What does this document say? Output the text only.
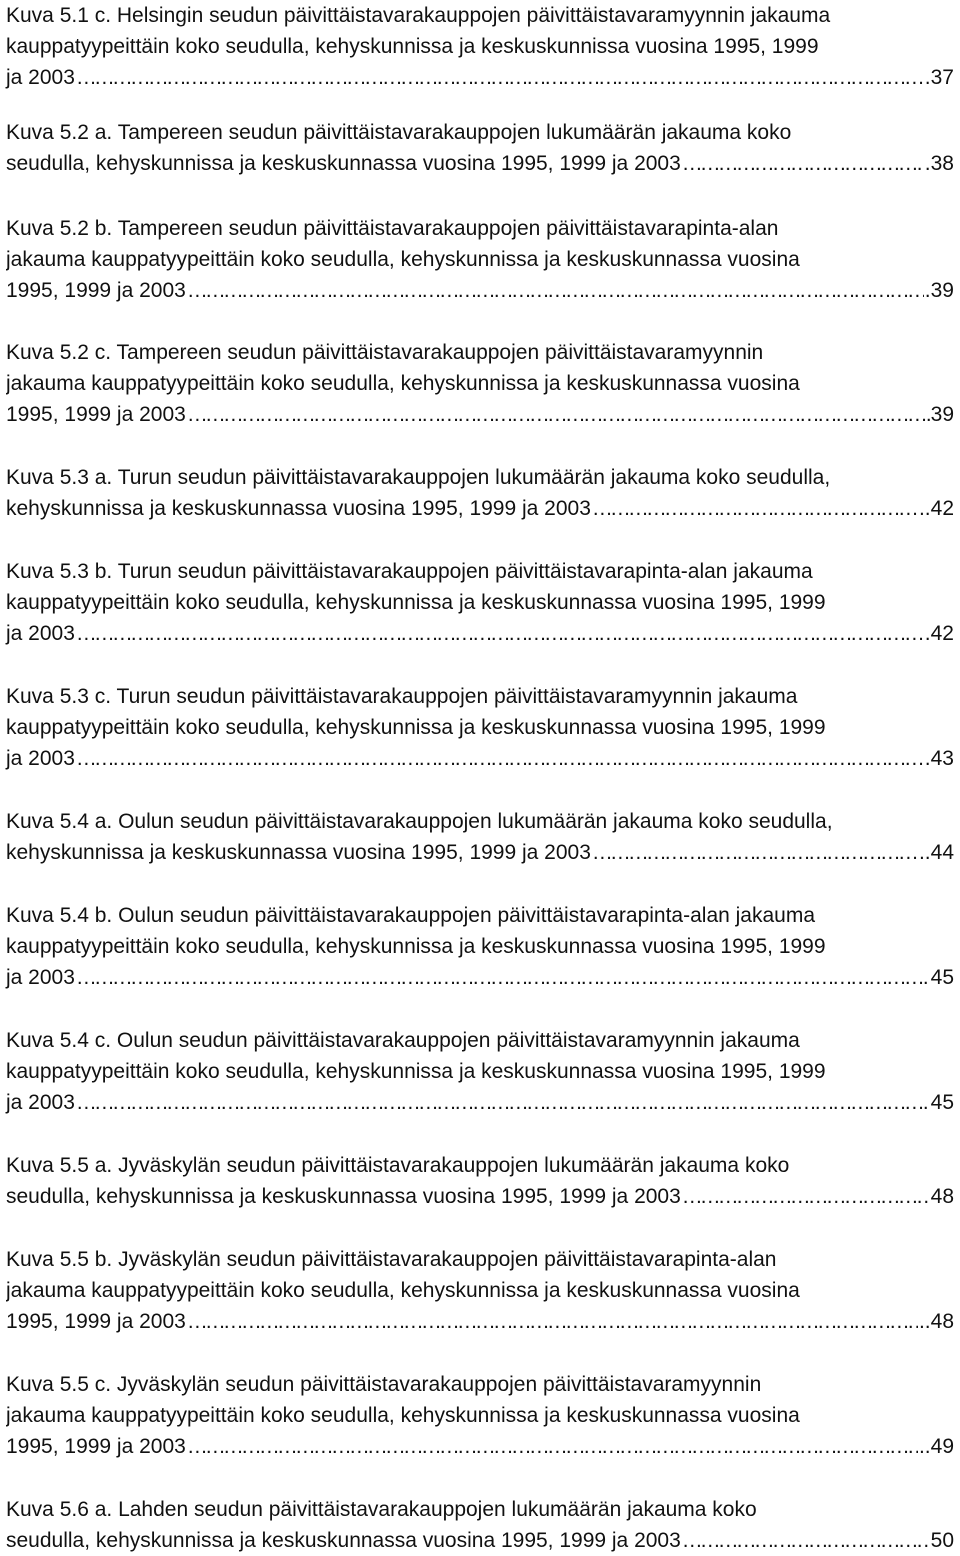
Kuva 5.1 c. Helsingin seudun päivittäistavarakauppojen päivittäistavaramyynnin jakauma
kauppatyypeittäin koko seudulla, kehyskunnissa ja keskuskunnissa vuosina 1995, 1999
ja 2003 ……………………………………………………………………………………………………………………………………………………………………………………………………	.37
Kuva 5.2 a. Tampereen seudun päivittäistavarakauppojen lukumäärän jakauma koko
seudulla, kehyskunnissa ja keskuskunnassa vuosina 1995, 1999 ja 2003 ……………………………………………………………………………………………………………………………………………………………………………………………………	.38
Kuva 5.2 b. Tampereen seudun päivittäistavarakauppojen päivittäistavarapinta-alan
jakauma kauppatyypeittäin koko seudulla, kehyskunnissa ja keskuskunnassa vuosina
1995, 1999 ja 2003 ……………………………………………………………………………………………………………………………………………………………………………………………………	.39
Kuva 5.2 c. Tampereen seudun päivittäistavarakauppojen päivittäistavaramyynnin
jakauma kauppatyypeittäin koko seudulla, kehyskunnissa ja keskuskunnassa vuosina
1995, 1999 ja 2003 ……………………………………………………………………………………………………………………………………………………………………………………………………	39
Kuva 5.3 a. Turun seudun päivittäistavarakauppojen lukumäärän jakauma koko seudulla,
kehyskunnissa ja keskuskunnassa vuosina 1995, 1999 ja 2003 ……………………………………………………………………………………………………………………………………………………………………………………………………	..42
Kuva 5.3 b. Turun seudun päivittäistavarakauppojen päivittäistavarapinta-alan jakauma
kauppatyypeittäin koko seudulla, kehyskunnissa ja keskuskunnassa vuosina 1995, 1999
ja 2003 ……………………………………………………………………………………………………………………………………………………………………………………………………	.42
Kuva 5.3 c. Turun seudun päivittäistavarakauppojen päivittäistavaramyynnin jakauma
kauppatyypeittäin koko seudulla, kehyskunnissa ja keskuskunnassa vuosina 1995, 1999
ja 2003 ……………………………………………………………………………………………………………………………………………………………………………………………………	.43
Kuva 5.4 a. Oulun seudun päivittäistavarakauppojen lukumäärän jakauma koko seudulla,
kehyskunnissa ja keskuskunnassa vuosina 1995, 1999 ja 2003 ……………………………………………………………………………………………………………………………………………………………………………………………………	..44
Kuva 5.4 b. Oulun seudun päivittäistavarakauppojen päivittäistavarapinta-alan jakauma
kauppatyypeittäin koko seudulla, kehyskunnissa ja keskuskunnassa vuosina 1995, 1999
ja 2003 ……………………………………………………………………………………………………………………………………………………………………………………………………	45
Kuva 5.4 c. Oulun seudun päivittäistavarakauppojen päivittäistavaramyynnin jakauma
kauppatyypeittäin koko seudulla, kehyskunnissa ja keskuskunnassa vuosina 1995, 1999
ja 2003 ……………………………………………………………………………………………………………………………………………………………………………………………………	45
Kuva 5.5 a. Jyväskylän seudun päivittäistavarakauppojen lukumäärän jakauma koko
seudulla, kehyskunnissa ja keskuskunnassa vuosina 1995, 1999 ja 2003 ……………………………………………………………………………………………………………………………………………………………………………………………………	48
Kuva 5.5 b. Jyväskylän seudun päivittäistavarakauppojen päivittäistavarapinta-alan
jakauma kauppatyypeittäin koko seudulla, kehyskunnissa ja keskuskunnassa vuosina
1995, 1999 ja 2003 ……………………………………………………………………………………………………………………………………………………………………………………………………	..48
Kuva 5.5 c. Jyväskylän seudun päivittäistavarakauppojen päivittäistavaramyynnin
jakauma kauppatyypeittäin koko seudulla, kehyskunnissa ja keskuskunnassa vuosina
1995, 1999 ja 2003 ……………………………………………………………………………………………………………………………………………………………………………………………………	..49
Kuva 5.6 a. Lahden seudun päivittäistavarakauppojen lukumäärän jakauma koko
seudulla, kehyskunnissa ja keskuskunnassa vuosina 1995, 1999 ja 2003 ……………………………………………………………………………………………………………………………………………………………………………………………………	50
